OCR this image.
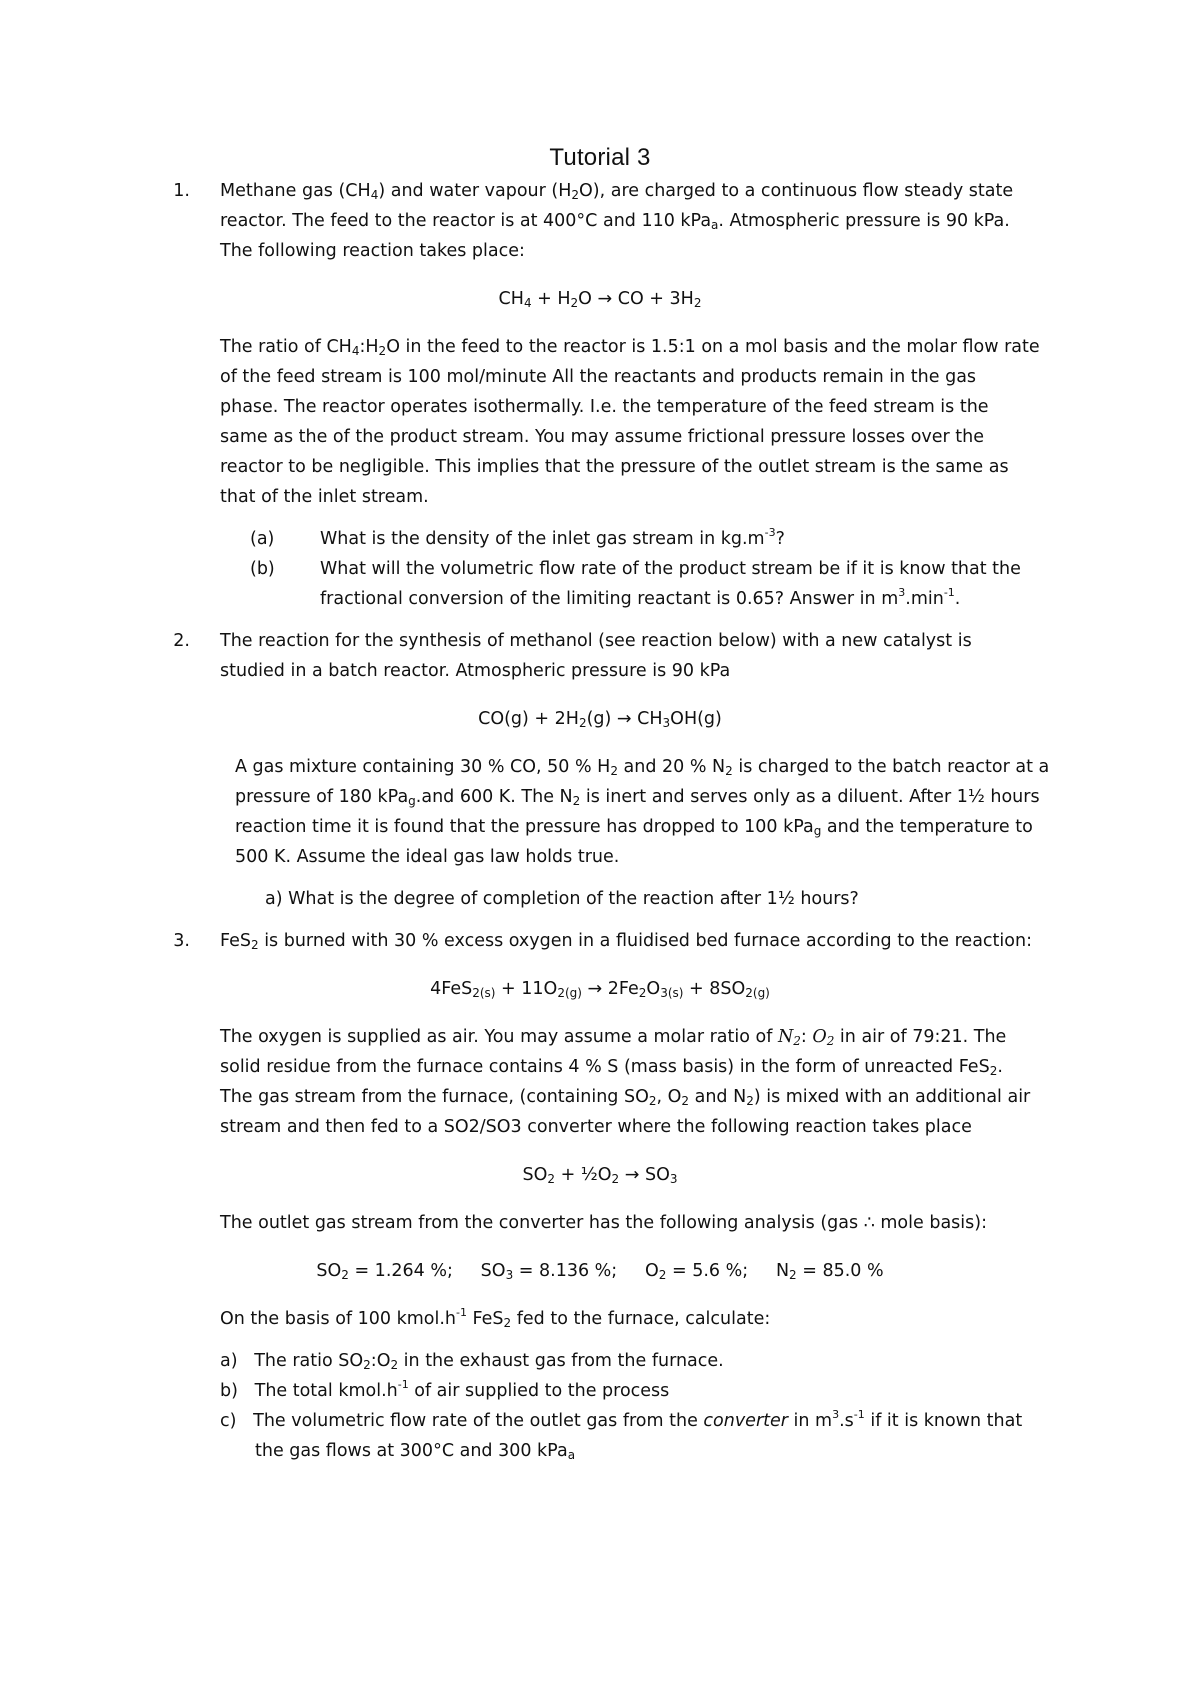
Tutorial 3
1. Methane gas $(CH_4)$ and water vapour $(H_2O)$, are charged to a continuous flow steady state
reactor. The feed to the reactor is at 400°C and 110 kPa$_a$. Atmospheric pressure is 90 kPa.
The following reaction takes place:
$CH_4 + H_2O$ → CO + $3H_2$
The ratio of $CH_4:H_2O$ in the feed to the reactor is 1.5:1 on a mol basis and the molar flow rate
of the feed stream is 100 mol/minute All the reactants and products remain in the gas
phase. The reactor operates isothermally. I.e. the temperature of the feed stream is the
same as the of the product stream. You may assume frictional pressure losses over the
reactor to be negligible. This implies that the pressure of the outlet stream is the same as
that of the inlet stream.
(a)	What is the density of the inlet gas stream in $kg.m^{-3}$?
(b)	What will the volumetric flow rate of the product stream be if it is know that the
fractional conversion of the limiting reactant is 0.65? Answer in $m^3.\min^{-1}$.
2. The reaction for the synthesis of methanol (see reaction below) with a new catalyst is
studied in a batch reactor. Atmospheric pressure is 90 kPa
$CO(g) + 2H_2(g) \to CH_3OH(g)$
A gas mixture containing 30 % CO, 50 % $H_2$ and 20 % $N_2$ is charged to the batch reactor at a
pressure of 180 kPa$_g$.and 600 K. The $N_2$ is inert and serves only as a diluent. After 1½ hours
reaction time it is found that the pressure has dropped to 100 kPa$_g$ and the temperature to
500 K. Assume the ideal gas law holds true.
a) What is the degree of completion of the reaction after 1½ hours?
3. FeS$_2$ is burned with 30 % excess oxygen in a fluidised bed furnace according to the reaction:
$4FeS_{2(s)} + 11O_{2(g)} \to 2Fe_2O_{3(s)} + 8SO_{2(g)}$
The oxygen is supplied as air. You may assume a molar ratio of $N_2$: $O_2$ in air of 79:21. The
solid residue from the furnace contains 4 % S (mass basis) in the form of unreacted FeS$_2$.
The gas stream from the furnace, (containing $SO_2$, $O_2$ and $N_2$) is mixed with an additional air
stream and then fed to a SO2/SO3 converter where the following reaction takes place
$SO_2$ + $\frac{1}{2}O_2 \to SO_3$
The outlet gas stream from the converter has the following analysis (gas ∴ mole basis):
$SO_2 = 1.264$ %;     $SO_3 = 8.136$ %;     $O_2 = 5.6$ %;     $N_2 = 85.0$ %
On the basis of 100 $kmol.h^{-1}$ FeS$_2$ fed to the furnace, calculate:
a)   The ratio $SO_2:O_2$ in the exhaust gas from the furnace.
b)   The total $kmol.h^{-1}$ of air supplied to the process
c)   The volumetric flow rate of the outlet gas from the converter in $m^3.s^{-1}$ if it is known that
the gas flows at 300°C and 300 kPa$_a$
